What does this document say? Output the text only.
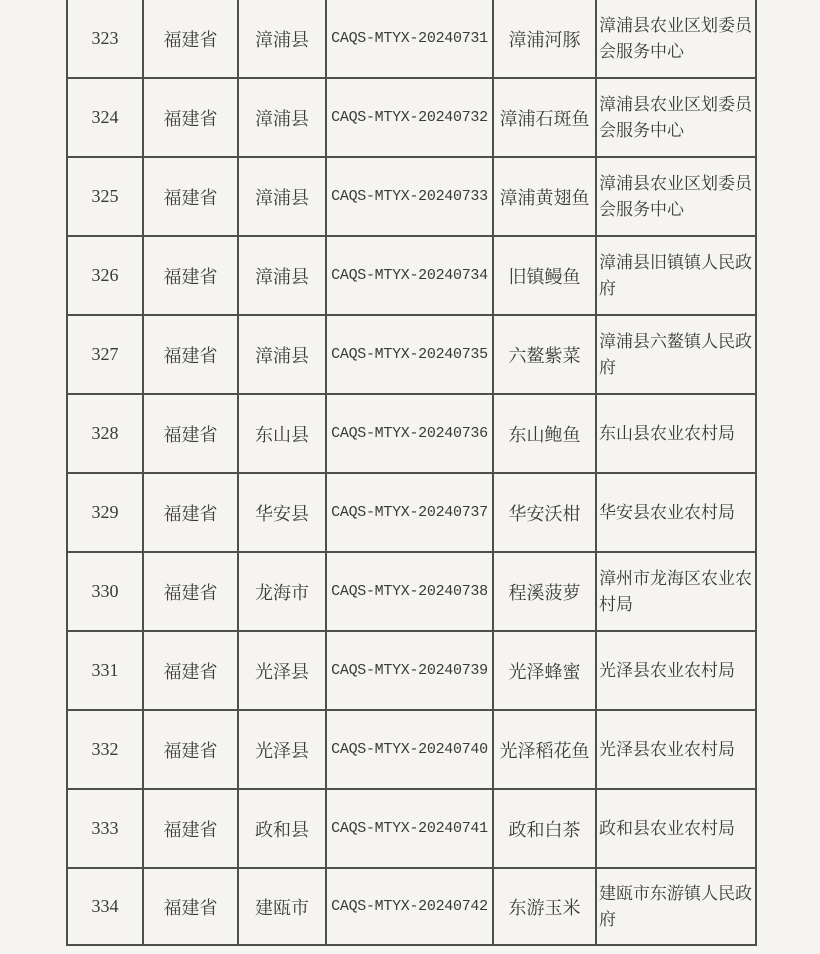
323	福建省	漳浦县	CAQS-MTYX-20240731	漳浦河豚	漳浦县农业区划委员会服务中心
324	福建省	漳浦县	CAQS-MTYX-20240732	漳浦石斑鱼	漳浦县农业区划委员会服务中心
325	福建省	漳浦县	CAQS-MTYX-20240733	漳浦黄翅鱼	漳浦县农业区划委员会服务中心
326	福建省	漳浦县	CAQS-MTYX-20240734	旧镇鳗鱼	漳浦县旧镇镇人民政府
327	福建省	漳浦县	CAQS-MTYX-20240735	六鳌紫菜	漳浦县六鳌镇人民政府
328	福建省	东山县	CAQS-MTYX-20240736	东山鲍鱼	东山县农业农村局
329	福建省	华安县	CAQS-MTYX-20240737	华安沃柑	华安县农业农村局
330	福建省	龙海市	CAQS-MTYX-20240738	程溪菠萝	漳州市龙海区农业农村局
331	福建省	光泽县	CAQS-MTYX-20240739	光泽蜂蜜	光泽县农业农村局
332	福建省	光泽县	CAQS-MTYX-20240740	光泽稻花鱼	光泽县农业农村局
333	福建省	政和县	CAQS-MTYX-20240741	政和白茶	政和县农业农村局
334	福建省	建瓯市	CAQS-MTYX-20240742	东游玉米	建瓯市东游镇人民政府
